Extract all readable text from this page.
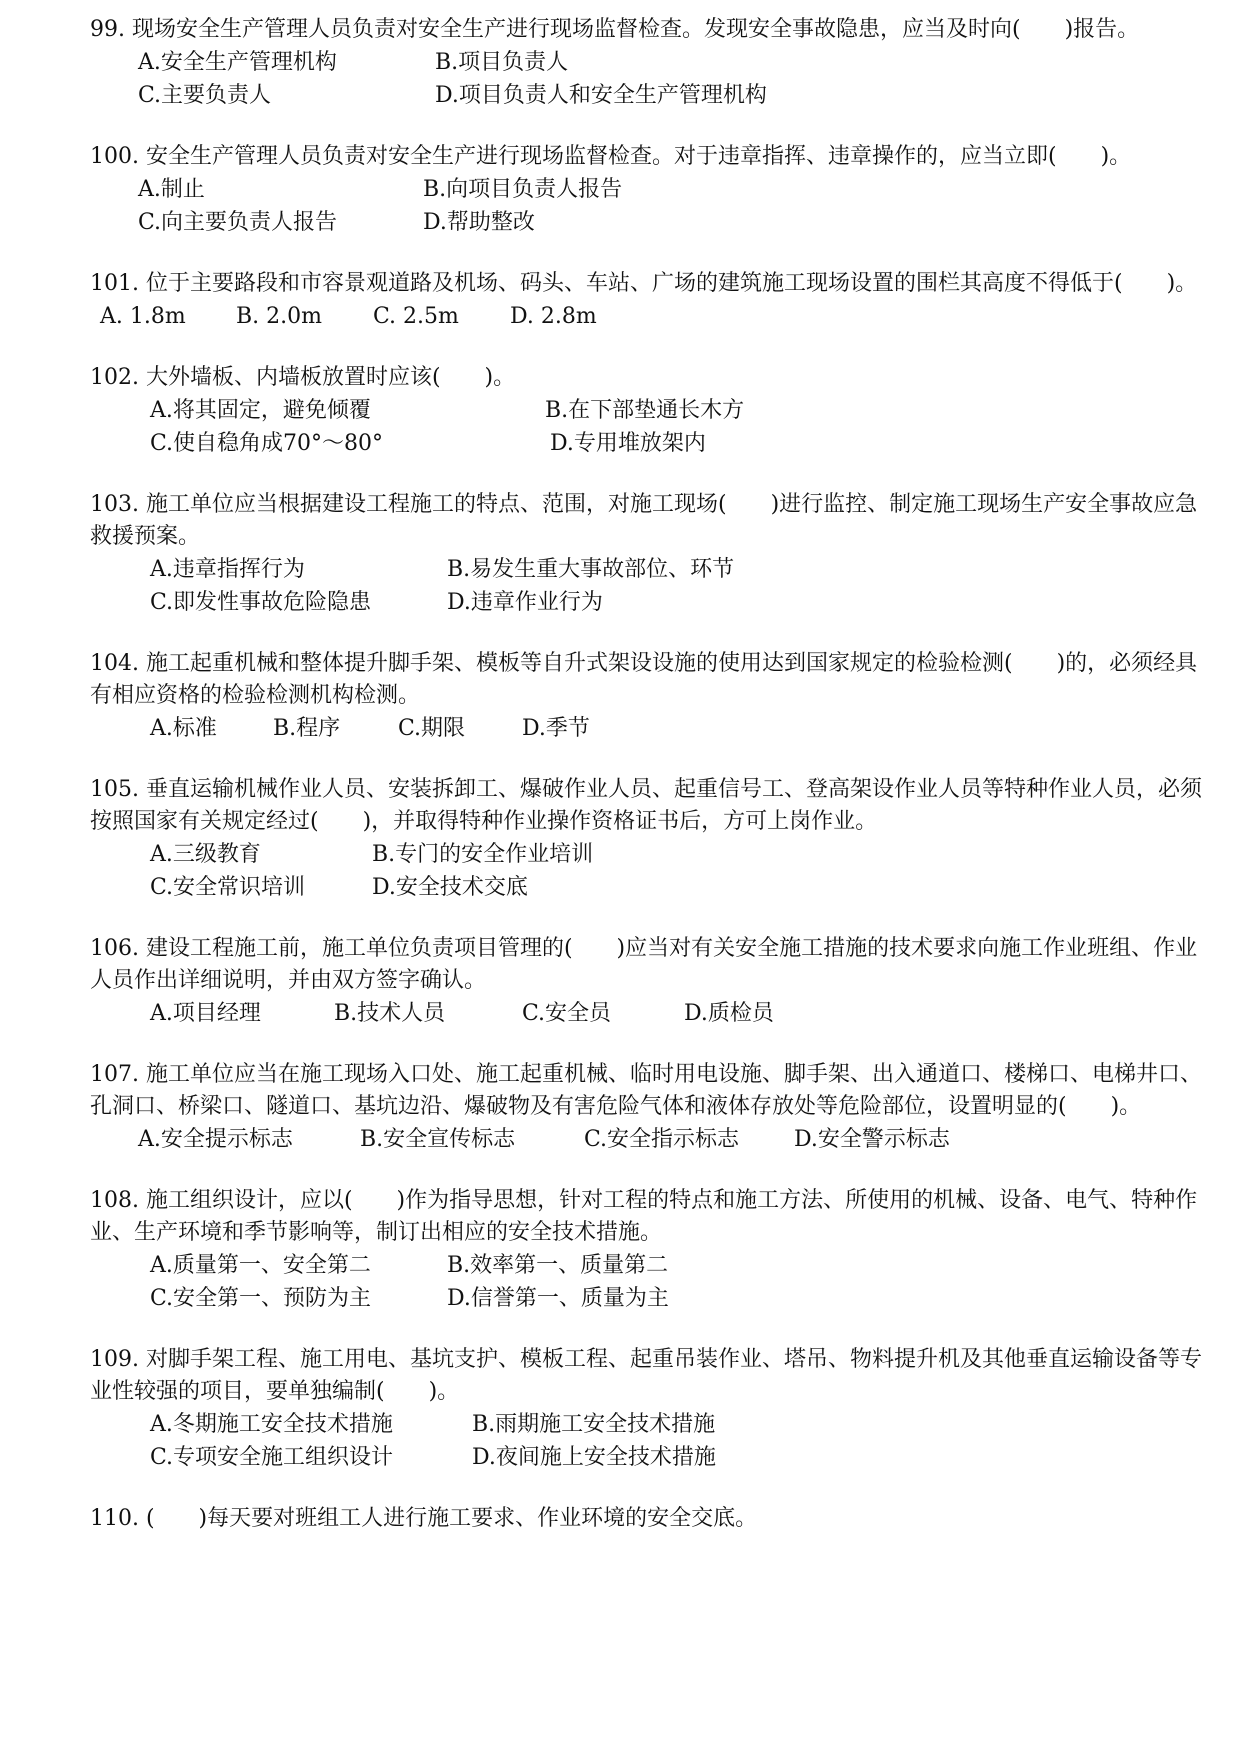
99. 现场安全生产管理人员负责对安全生产进行现场监督检查。发现安全事故隐患，应当及时向(　　)报告。

A.安全生产管理机构	B.项目负责人
C.主要负责人	D.项目负责人和安全生产管理机构

100. 安全生产管理人员负责对安全生产进行现场监督检查。对于违章指挥、违章操作的，应当立即(　　)。

A.制止	B.向项目负责人报告
C.向主要负责人报告	D.帮助整改

101. 位于主要路段和市容景观道路及机场、码头、车站、广场的建筑施工现场设置的围栏其高度不得低于(　　)。

A. 1.8m B. 2.0m C. 2.5m D. 2.8m

102. 大外墙板、内墙板放置时应该(　　)。

A.将其固定，避免倾覆	B.在下部垫通长木方
C.使自稳角成70°～80°	D.专用堆放架内

103. 施工单位应当根据建设工程施工的特点、范围，对施工现场(　　)进行监控、制定施工现场生产安全事故应急救援预案。

A.违章指挥行为	B.易发生重大事故部位、环节
C.即发性事故危险隐患	D.违章作业行为

104. 施工起重机械和整体提升脚手架、模板等自升式架设设施的使用达到国家规定的检验检测(　　)的，必须经具有相应资格的检验检测机构检测。

A.标准	B.程序	C.期限	D.季节

105. 垂直运输机械作业人员、安装拆卸工、爆破作业人员、起重信号工、登高架设作业人员等特种作业人员，必须按照国家有关规定经过(　　)，并取得特种作业操作资格证书后，方可上岗作业。

A.三级教育	B.专门的安全作业培训
C.安全常识培训	D.安全技术交底

106. 建设工程施工前，施工单位负责项目管理的(　　)应当对有关安全施工措施的技术要求向施工作业班组、作业人员作出详细说明，并由双方签字确认。

A.项目经理	B.技术人员	C.安全员	D.质检员

107. 施工单位应当在施工现场入口处、施工起重机械、临时用电设施、脚手架、出入通道口、楼梯口、电梯井口、孔洞口、桥梁口、隧道口、基坑边沿、爆破物及有害危险气体和液体存放处等危险部位，设置明显的(　　)。

A.安全提示标志	B.安全宣传标志	C.安全指示标志 D.安全警示标志

108. 施工组织设计，应以(　　)作为指导思想，针对工程的特点和施工方法、所使用的机械、设备、电气、特种作业、生产环境和季节影响等，制订出相应的安全技术措施。

A.质量第一、安全第二	B.效率第一、质量第二
C.安全第一、预防为主	D.信誉第一、质量为主

109. 对脚手架工程、施工用电、基坑支护、模板工程、起重吊装作业、塔吊、物料提升机及其他垂直运输设备等专业性较强的项目，要单独编制(　　)。

A.冬期施工安全技术措施	B.雨期施工安全技术措施
C.专项安全施工组织设计	D.夜间施上安全技术措施

110. (　　)每天要对班组工人进行施工要求、作业环境的安全交底。
